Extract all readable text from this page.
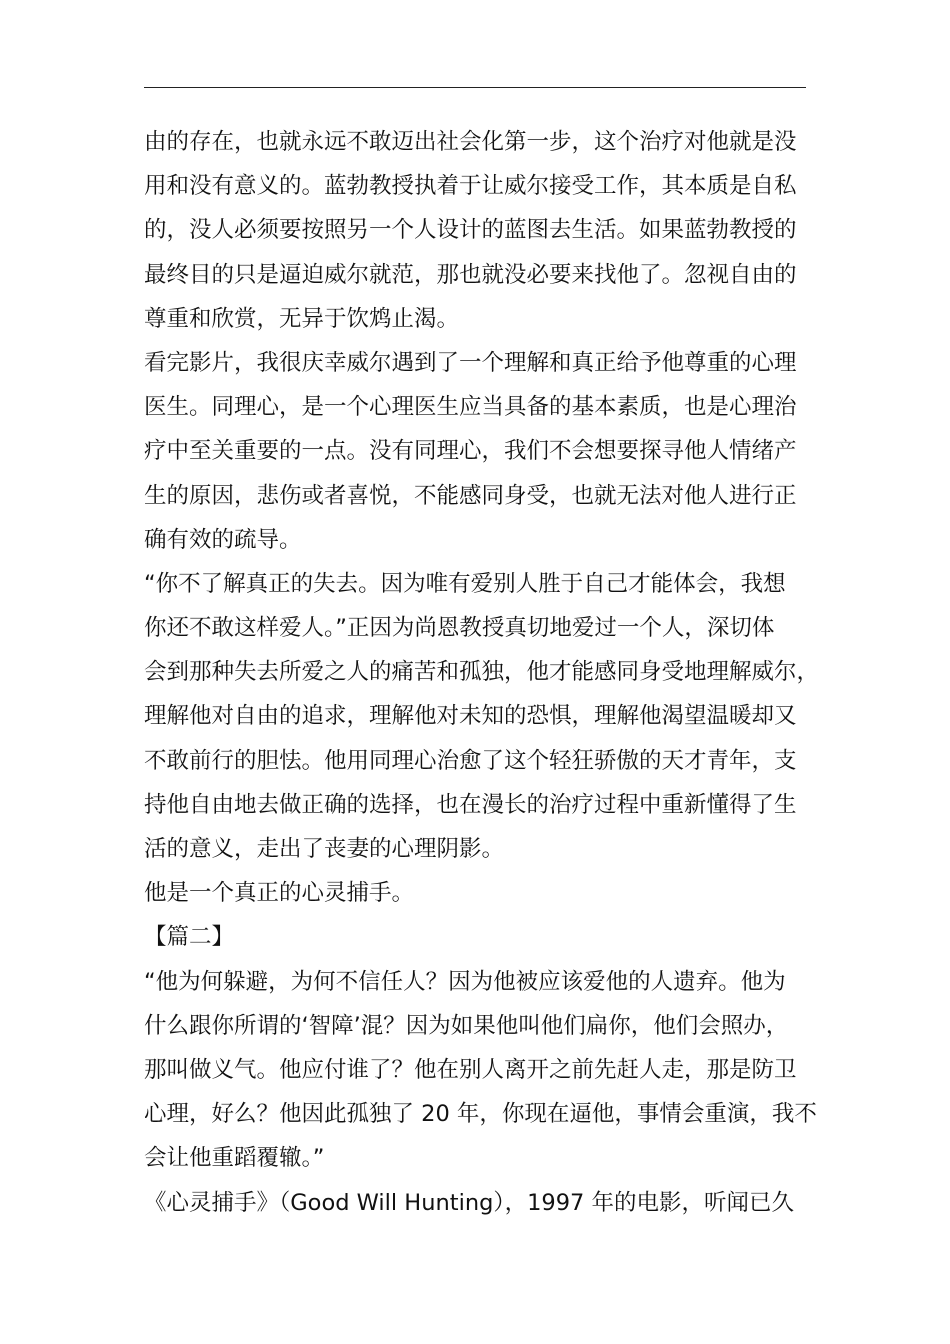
由的存在，也就永远不敢迈出社会化第一步，这个治疗对他就是没
用和没有意义的。蓝勃教授执着于让威尔接受工作，其本质是自私
的，没人必须要按照另一个人设计的蓝图去生活。如果蓝勃教授的
最终目的只是逼迫威尔就范，那也就没必要来找他了。忽视自由的
尊重和欣赏，无异于饮鸩止渴。
看完影片，我很庆幸威尔遇到了一个理解和真正给予他尊重的心理
医生。同理心，是一个心理医生应当具备的基本素质，也是心理治
疗中至关重要的一点。没有同理心，我们不会想要探寻他人情绪产
生的原因，悲伤或者喜悦，不能感同身受，也就无法对他人进行正
确有效的疏导。
“你不了解真正的失去。因为唯有爱别人胜于自己才能体会，我想
你还不敢这样爱人。”正因为尚恩教授真切地爱过一个人，深切体
会到那种失去所爱之人的痛苦和孤独，他才能感同身受地理解威尔，
理解他对自由的追求，理解他对未知的恐惧，理解他渴望温暖却又
不敢前行的胆怯。他用同理心治愈了这个轻狂骄傲的天才青年，支
持他自由地去做正确的选择，也在漫长的治疗过程中重新懂得了生
活的意义，走出了丧妻的心理阴影。
他是一个真正的心灵捕手。
【篇二】
“他为何躲避，为何不信任人？因为他被应该爱他的人遗弃。他为
什么跟你所谓的‘智障’混？因为如果他叫他们扁你，他们会照办，
那叫做义气。他应付谁了？他在别人离开之前先赶人走，那是防卫
心理，好么？他因此孤独了 20 年，你现在逼他，事情会重演，我不
会让他重蹈覆辙。”
《心灵捕手》（Good Will Hunting），1997 年的电影，听闻已久
